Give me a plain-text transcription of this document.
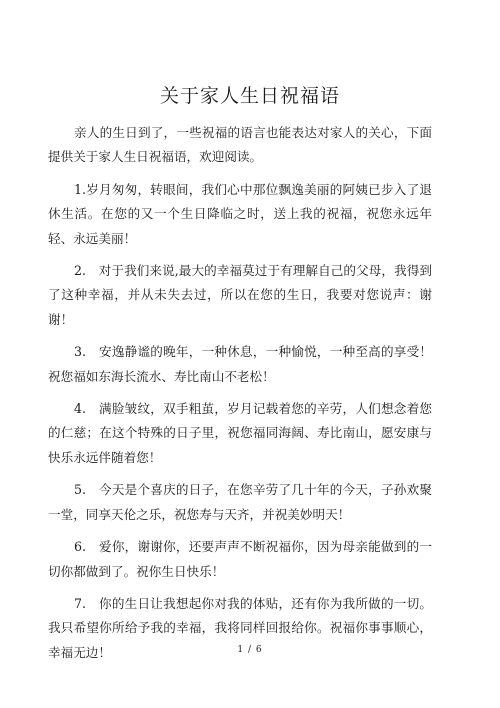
关于家人生日祝福语

亲人的生日到了，一些祝福的语言也能表达对家人的关心，下面提供关于家人生日祝福语，欢迎阅读。

1.岁月匆匆，转眼间，我们心中那位飘逸美丽的阿姨已步入了退休生活。在您的又一个生日降临之时，送上我的祝福，祝您永远年轻、永远美丽！

2.　对于我们来说,最大的幸福莫过于有理解自己的父母，我得到了这种幸福，并从未失去过，所以在您的生日，我要对您说声：谢谢！

3.　安逸静谧的晚年，一种休息，一种愉悦，一种至高的享受！祝您福如东海长流水、寿比南山不老松！

4.　满脸皱纹，双手粗茧，岁月记载着您的辛劳，人们想念着您的仁慈；在这个特殊的日子里，祝您福同海阔、寿比南山，愿安康与快乐永远伴随着您！

5.　今天是个喜庆的日子，在您辛劳了几十年的今天，子孙欢聚一堂，同享天伦之乐，祝您寿与天齐，并祝美妙明天！

6.　爱你，谢谢你，还要声声不断祝福你，因为母亲能做到的一切你都做到了。祝你生日快乐！

7.　你的生日让我想起你对我的体贴，还有你为我所做的一切。我只希望你所给予我的幸福，我将同样回报给你。祝福你事事顺心，幸福无边！	1 / 6
